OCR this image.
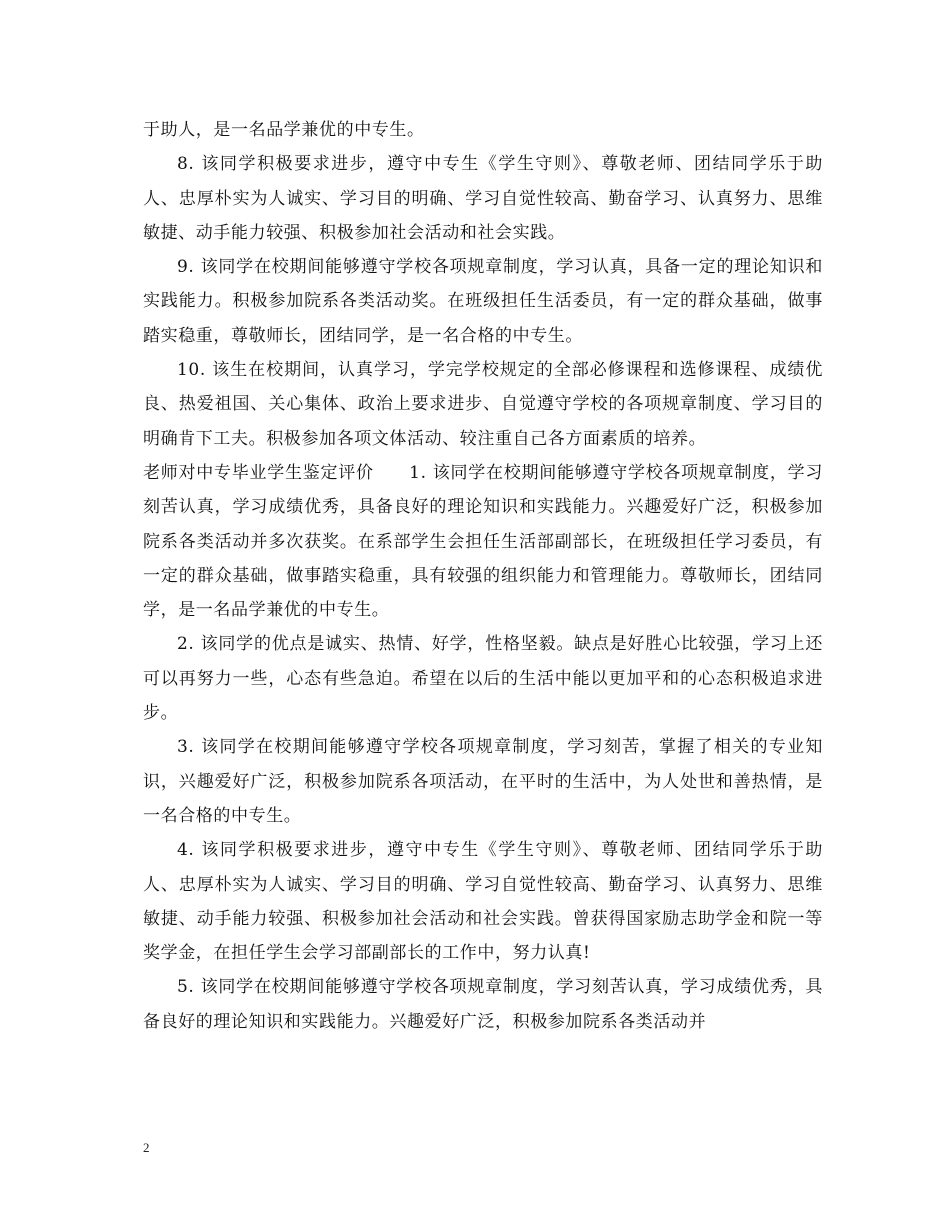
于助人，是一名品学兼优的中专生。

8. 该同学积极要求进步，遵守中专生《学生守则》、尊敬老师、团结同学乐于助人、忠厚朴实为人诚实、学习目的明确、学习自觉性较高、勤奋学习、认真努力、思维敏捷、动手能力较强、积极参加社会活动和社会实践。

9. 该同学在校期间能够遵守学校各项规章制度，学习认真，具备一定的理论知识和实践能力。积极参加院系各类活动奖。在班级担任生活委员，有一定的群众基础，做事踏实稳重，尊敬师长，团结同学，是一名合格的中专生。

10. 该生在校期间，认真学习，学完学校规定的全部必修课程和选修课程、成绩优良、热爱祖国、关心集体、政治上要求进步、自觉遵守学校的各项规章制度、学习目的明确肯下工夫。积极参加各项文体活动、较注重自己各方面素质的培养。

老师对中专毕业学生鉴定评价　　1. 该同学在校期间能够遵守学校各项规章制度，学习刻苦认真，学习成绩优秀，具备良好的理论知识和实践能力。兴趣爱好广泛，积极参加院系各类活动并多次获奖。在系部学生会担任生活部副部长，在班级担任学习委员，有一定的群众基础，做事踏实稳重，具有较强的组织能力和管理能力。尊敬师长，团结同学，是一名品学兼优的中专生。

2. 该同学的优点是诚实、热情、好学，性格坚毅。缺点是好胜心比较强，学习上还可以再努力一些，心态有些急迫。希望在以后的生活中能以更加平和的心态积极追求进步。

3. 该同学在校期间能够遵守学校各项规章制度，学习刻苦，掌握了相关的专业知识，兴趣爱好广泛，积极参加院系各项活动，在平时的生活中，为人处世和善热情，是一名合格的中专生。

4. 该同学积极要求进步，遵守中专生《学生守则》、尊敬老师、团结同学乐于助人、忠厚朴实为人诚实、学习目的明确、学习自觉性较高、勤奋学习、认真努力、思维敏捷、动手能力较强、积极参加社会活动和社会实践。曾获得国家励志助学金和院一等奖学金，在担任学生会学习部副部长的工作中，努力认真!

5. 该同学在校期间能够遵守学校各项规章制度，学习刻苦认真，学习成绩优秀，具备良好的理论知识和实践能力。兴趣爱好广泛，积极参加院系各类活动并

2
